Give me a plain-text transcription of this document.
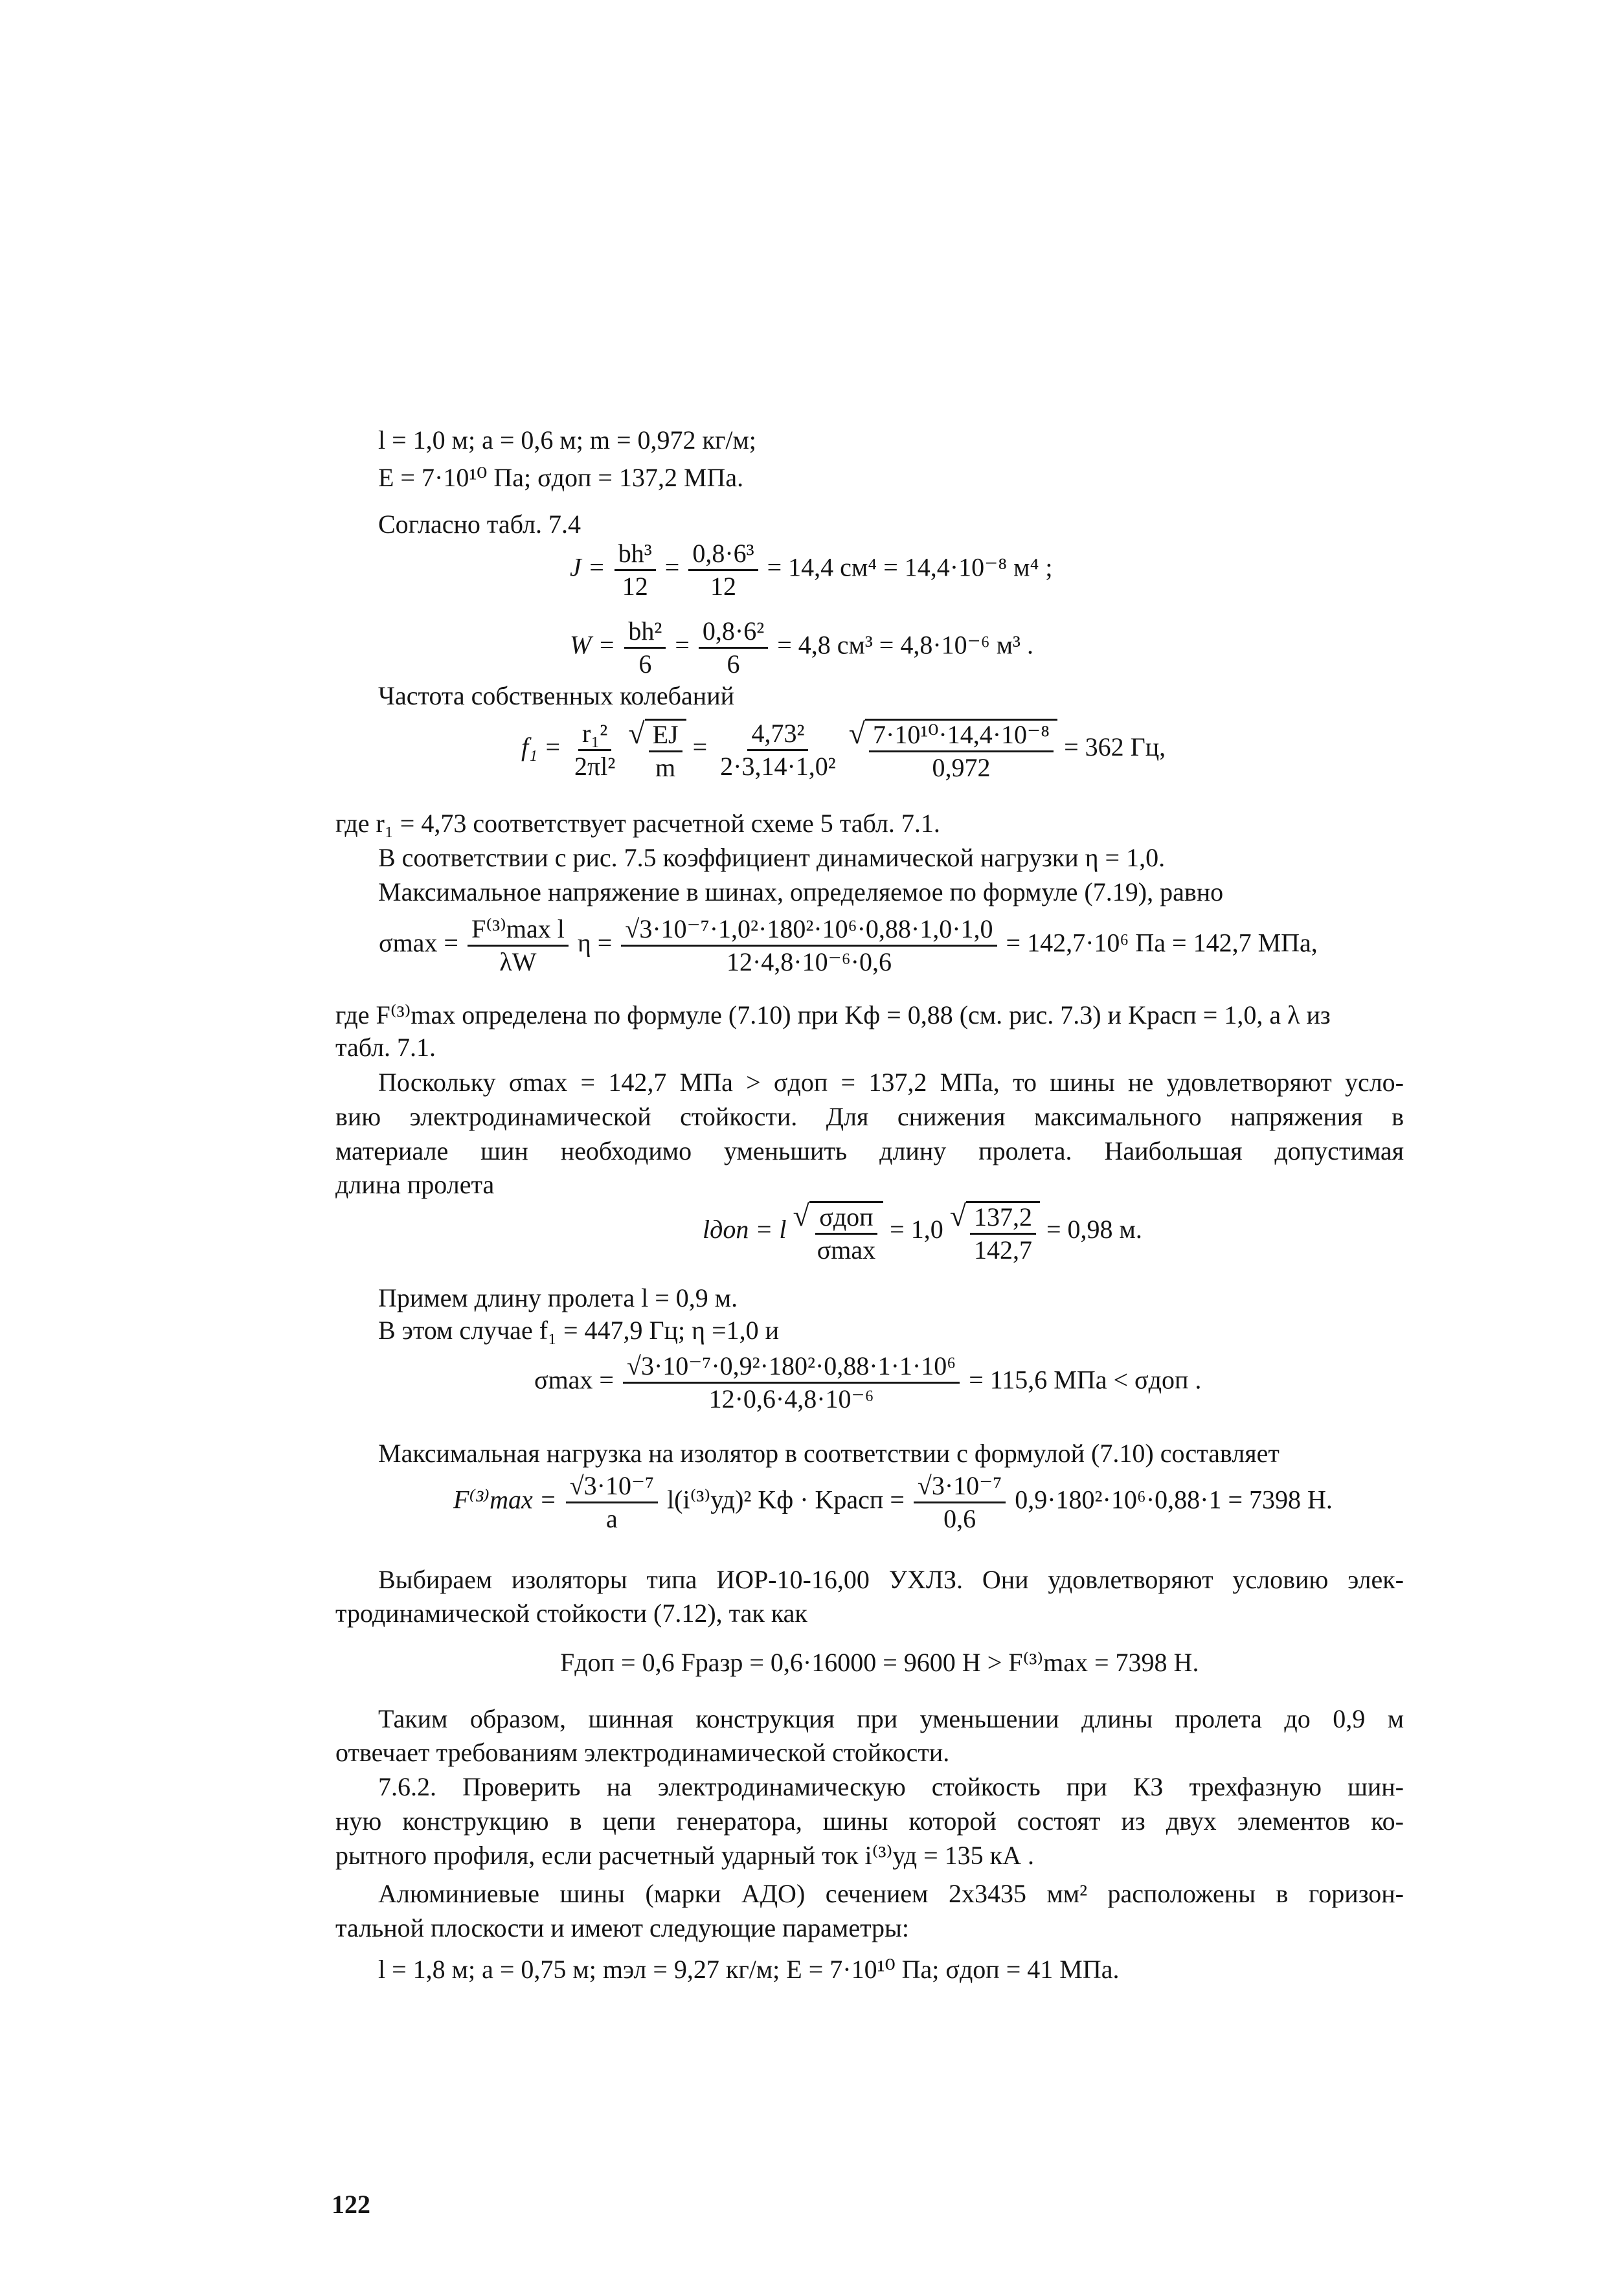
l = 1,0 м; a = 0,6 м; m = 0,972 кг/м;
E = 7·10¹⁰ Па; σдоп = 137,2 МПа.
Согласно табл. 7.4
$J = \frac{\text{bh³}}{12} = \frac{\text{0,8·6³}}{12} = 14,4$ см⁴ = 14,4·10⁻⁸ м⁴ ;
$W = \frac{\text{bh²}}{6} = \frac{\text{0,8·6²}}{6} = 4,8$ см³ = 4,8·10⁻⁶ м³ .
Частота собственных колебаний
$f_1 = \frac{\text{r₁²}}{\text{2πl²}}$ √ $\frac{EJ}{m} = \frac{\text{4,73²}}{\text{2·3,14·1,0²}}$ √ $\frac{\text{7·10¹⁰·14,4·10⁻⁸}}{0,972} = 362$ Гц,
где r₁ = 4,73 соответствует расчетной схеме 5 табл. 7.1.
В соответствии с рис. 7.5 коэффициент динамической нагрузки η = 1,0.
Максимальное напряжение в шинах, определяемое по формуле (7.19), равно
$\sigma\max = \frac{\text{F⁽³⁾max l}}{\lambda W}$ $\eta = \frac{\text{√3·10⁻⁷·1,0²·180²·10⁶·0,88·1,0·1,0}}{\text{12·4,8·10⁻⁶·0,6}} = 142,7\cdot 10^6$ Па = 142,7 МПа,
где F⁽³⁾max определена по формуле (7.10) при Kф = 0,88 (см. рис. 7.3) и Kрасп = 1,0, а λ из
табл. 7.1.
Поскольку σmax = 142,7 МПа > σдоп = 137,2 МПа, то шины не удовлетворяют усло-
вию электродинамической стойкости. Для снижения максимального напряжения в
материале шин необходимо уменьшить длину пролета. Наибольшая допустимая
длина пролета
lдоп = l √ $\frac{\text{σдоп}}{\sigma\max} = 1,0$ √ $\frac{137,2}{142,7} = 0,98$ м.
Примем длину пролета l = 0,9 м.
В этом случае f₁ = 447,9 Гц; η =1,0 и
$\sigma\max = \frac{\text{√3·10⁻⁷·0,9²·180²·0,88·1·1·10⁶}}{\text{12·0,6·4,8·10⁻⁶}} = 115,6$ МПа < σдоп .
Максимальная нагрузка на изолятор в соответствии с формулой (7.10) составляет
$F^{(3)}\max = \frac{\text{√3·10⁻⁷}}{a} l(i^{(3)}уд)^2$ Kф · Kрасп = $\frac{\text{√3·10⁻⁷}}{0,6} 0,9\cdot 180^2\cdot 10^6\cdot 0,88\cdot 1 = 7398$ Н.
Выбираем изоляторы типа ИОР-10-16,00 УХЛЗ. Они удовлетворяют условию элек-
тродинамической стойкости (7.12), так как
Fдоп = 0,6 Fразр = 0,6·16000 = 9600 Н > F⁽³⁾max = 7398 Н.
Таким образом, шинная конструкция при уменьшении длины пролета до 0,9 м
отвечает требованиям электродинамической стойкости.
7.6.2. Проверить на электродинамическую стойкость при КЗ трехфазную шин-
ную конструкцию в цепи генератора, шины которой состоят из двух элементов ко-
рытного профиля, если расчетный ударный ток i⁽³⁾уд = 135 кА .
Алюминиевые шины (марки АДО) сечением 2х3435 мм² расположены в горизон-
тальной плоскости и имеют следующие параметры:
l = 1,8 м; a = 0,75 м; mэл = 9,27 кг/м; E = 7·10¹⁰ Па; σдоп = 41 МПа.
122
